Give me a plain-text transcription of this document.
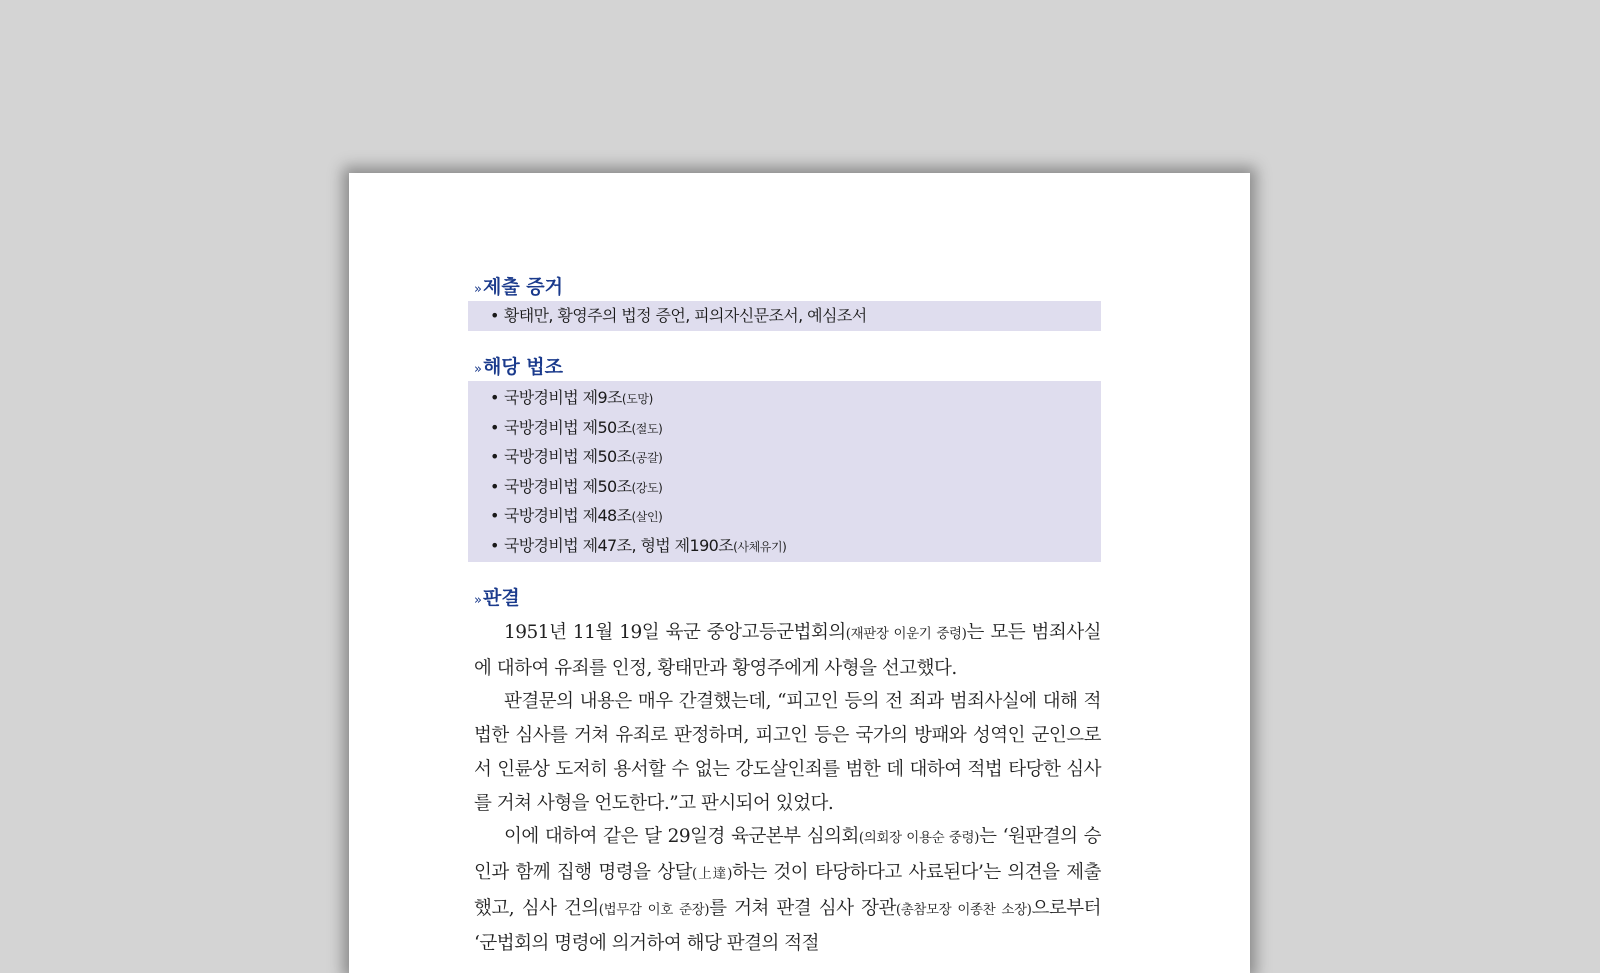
»제출 증거
• 황태만, 황영주의 법정 증언, 피의자신문조서, 예심조서
»해당 법조
• 국방경비법 제9조(도망)
• 국방경비법 제50조(절도)
• 국방경비법 제50조(공갈)
• 국방경비법 제50조(강도)
• 국방경비법 제48조(살인)
• 국방경비법 제47조, 형법 제190조(사체유기)
»판결

1951년 11월 19일 육군 중앙고등군법회의(재판장 이운기 중령)는 모든 범죄사실에 대하여 유죄를 인정, 황태만과 황영주에게 사형을 선고했다.

판결문의 내용은 매우 간결했는데, “피고인 등의 전 죄과 범죄사실에 대해 적법한 심사를 거쳐 유죄로 판정하며, 피고인 등은 국가의 방패와 성역인 군인으로서 인륜상 도저히 용서할 수 없는 강도살인죄를 범한 데 대하여 적법 타당한 심사를 거쳐 사형을 언도한다.”고 판시되어 있었다.

이에 대하여 같은 달 29일경 육군본부 심의회(의회장 이용순 중령)는 ‘원판결의 승인과 함께 집행 명령을 상달(上達)하는 것이 타당하다고 사료된다’는 의견을 제출했고, 심사 건의(법무감 이호 준장)를 거쳐 판결 심사 장관(총참모장 이종찬 소장)으로부터 ‘군법회의 명령에 의거하여 해당 판결의 적절
